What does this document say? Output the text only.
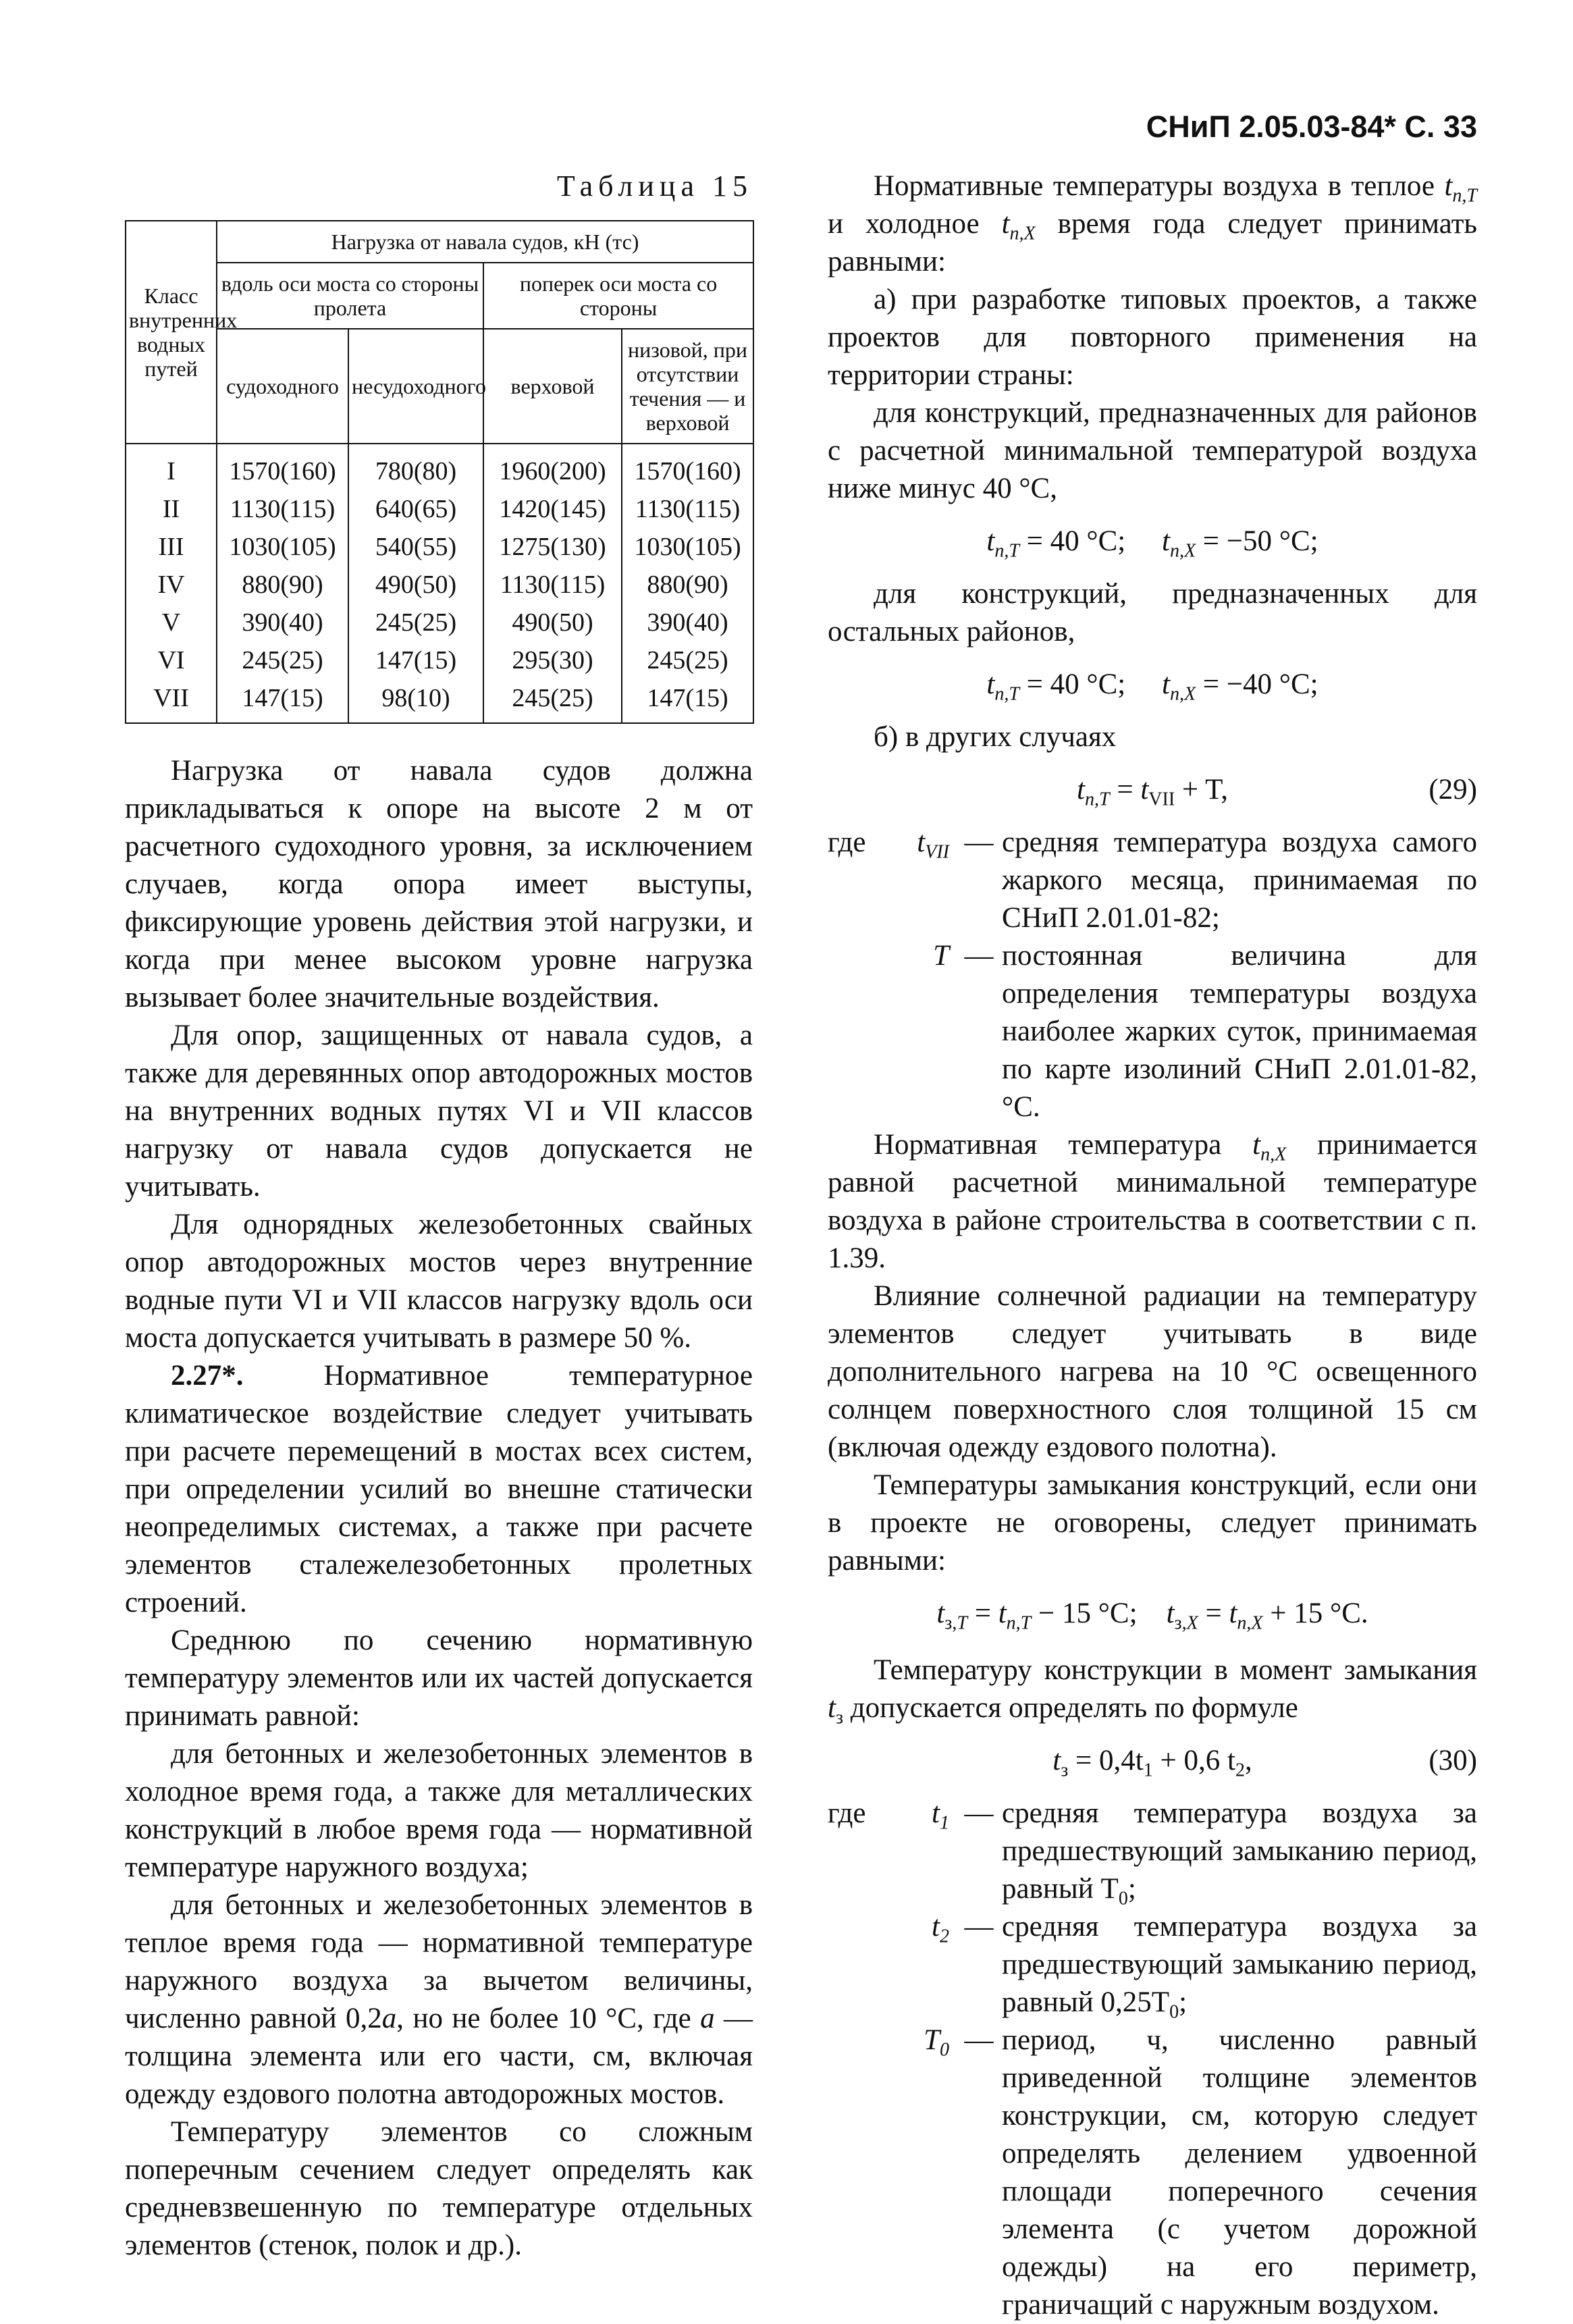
СНиП 2.05.03-84* С. 33
Таблица 15
Класс внутренних водных путей	Нагрузка от навала судов, кН (тс)			
	вдоль оси моста со стороны пролета		поперек оси моста со стороны	
	судоходного	несудоходного	верховой	низовой, при отсутствии течения — и верховой
I	1570(160)	780(80)	1960(200)	1570(160)
II	1130(115)	640(65)	1420(145)	1130(115)
III	1030(105)	540(55)	1275(130)	1030(105)
IV	880(90)	490(50)	1130(115)	880(90)
V	390(40)	245(25)	490(50)	390(40)
VI	245(25)	147(15)	295(30)	245(25)
VII	147(15)	98(10)	245(25)	147(15)

Нагрузка от навала судов должна прикладываться к опоре на высоте 2 м от расчетного судоходного уровня, за исключением случаев, когда опора имеет выступы, фиксирующие уровень действия этой нагрузки, и когда при менее высоком уровне нагрузка вызывает более значительные воздействия.

Для опор, защищенных от навала судов, а также для деревянных опор автодорожных мостов на внутренних водных путях VI и VII классов нагрузку от навала судов допускается не учитывать.

Для однорядных железобетонных свайных опор автодорожных мостов через внутренние водные пути VI и VII классов нагрузку вдоль оси моста допускается учитывать в размере 50 %.

2.27*.	Нормативное температурное климатическое воздействие следует учитывать при расчете перемещений в мостах всех систем, при определении усилий во внешне статически неопределимых системах, а также при расчете элементов сталежелезобетонных пролетных строений.

Среднюю по сечению нормативную температуру элементов или их частей допускается принимать равной:

для бетонных и железобетонных элементов в холодное время года, а также для металлических конструкций в любое время года — нормативной температуре наружного воздуха;

для бетонных и железобетонных элементов в теплое время года — нормативной температуре наружного воздуха за вычетом величины, численно равной 0,2a, но не более 10 °С, где a — толщина элемента или его части, см, включая одежду ездового полотна автодорожных мостов.

Температуру элементов со сложным поперечным сечением следует определять как средневзвешенную по температуре отдельных элементов (стенок, полок и др.).

Нормативные температуры воздуха в теплое $t_{n,T}$ и холодное $t_{n,X}$ время года следует принимать равными:

а) при разработке типовых проектов, а также проектов для повторного применения на территории страны:

для конструкций, предназначенных для районов с расчетной минимальной температурой воздуха ниже минус 40 °С,

$t_{n,T} = 40$ °С; $t_{n,X} = -50$ °С;

для конструкций, предназначенных для остальных районов,

$t_{n,T} = 40$ °С; $t_{n,X} = -40$ °С;

б) в других случаях

$t_{n,T} = t_{VII} + T$,	(29)
где	$t_{VII}$ — средняя температура воздуха самого жаркого месяца, принимаемая по СНиП 2.01.01-82;
T — постоянная величина для определения температуры воздуха наиболее жарких суток, принимаемая по карте изолиний СНиП 2.01.01-82, °С.

Нормативная температура $t_{n,X}$ принимается равной расчетной минимальной температуре воздуха в районе строительства в соответствии с п. 1.39.

Влияние солнечной радиации на температуру элементов следует учитывать в виде дополнительного нагрева на 10 °С освещенного солнцем поверхностного слоя толщиной 15 см (включая одежду ездового полотна).

Температуры замыкания конструкций, если они в проекте не оговорены, следует принимать равными:

$t_{з,T} = t_{n,T} - 15$ °С; $t_{з,X} = t_{n,X} + 15$ °С.

Температуру конструкции в момент замыкания $t_з$ допускается определять по формуле

$t_з = 0,4t_1 + 0,6$ $t_2$,	(30)
где	$t_1$ — средняя температура воздуха за предшествующий замыканию период, равный $T_0$;
$t_2$ — средняя температура воздуха за предшествующий замыканию период, равный $0,25T_0$;
$T_0$ — период, ч, численно равный приведенной толщине элементов конструкции, см, которую следует определять делением удвоенной площади поперечного сечения элемента (с учетом дорожной одежды) на его периметр, граничащий с наружным воздухом.
